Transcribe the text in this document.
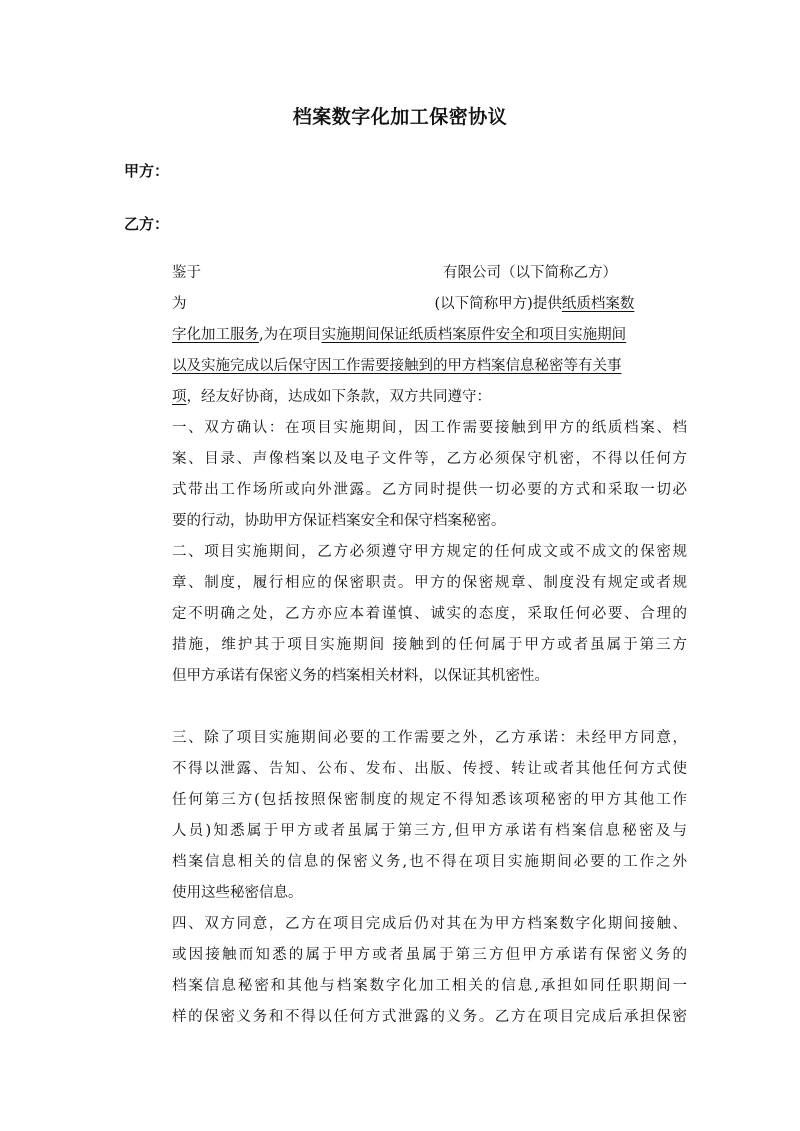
档案数字化加工保密协议

甲方：

乙方：

鉴于	有限公司（以下简称乙方）
为	(以下简称甲方)提供纸质档案数
字化加工服务,为在项目实施期间保证纸质档案原件安全和项目实施期间
以及实施完成以后保守因工作需要接触到的甲方档案信息秘密等有关事
项，经友好协商，达成如下条款，双方共同遵守：
一、双方确认：在项目实施期间，因工作需要接触到甲方的纸质档案、档
案、目录、声像档案以及电子文件等，乙方必须保守机密，不得以任何方
式带出工作场所或向外泄露。乙方同时提供一切必要的方式和采取一切必
要的行动，协助甲方保证档案安全和保守档案秘密。
二、项目实施期间，乙方必须遵守甲方规定的任何成文或不成文的保密规
章、制度，履行相应的保密职责。甲方的保密规章、制度没有规定或者规
定不明确之处，乙方亦应本着谨慎、诚实的态度，采取任何必要、合理的
措施，维护其于项目实施期间 接触到的任何属于甲方或者虽属于第三方
但甲方承诺有保密义务的档案相关材料，以保证其机密性。
三、除了项目实施期间必要的工作需要之外，乙方承诺：未经甲方同意，
不得以泄露、告知、公布、发布、出版、传授、转让或者其他任何方式使
任何第三方(包括按照保密制度的规定不得知悉该项秘密的甲方其他工作
人员)知悉属于甲方或者虽属于第三方,但甲方承诺有档案信息秘密及与
档案信息相关的信息的保密义务,也不得在项目实施期间必要的工作之外
使用这些秘密信息。
四、双方同意，乙方在项目完成后仍对其在为甲方档案数字化期间接触、
或因接触而知悉的属于甲方或者虽属于第三方但甲方承诺有保密义务的
档案信息秘密和其他与档案数字化加工相关的信息,承担如同任职期间一
样的保密义务和不得以任何方式泄露的义务。乙方在项目完成后承担保密
